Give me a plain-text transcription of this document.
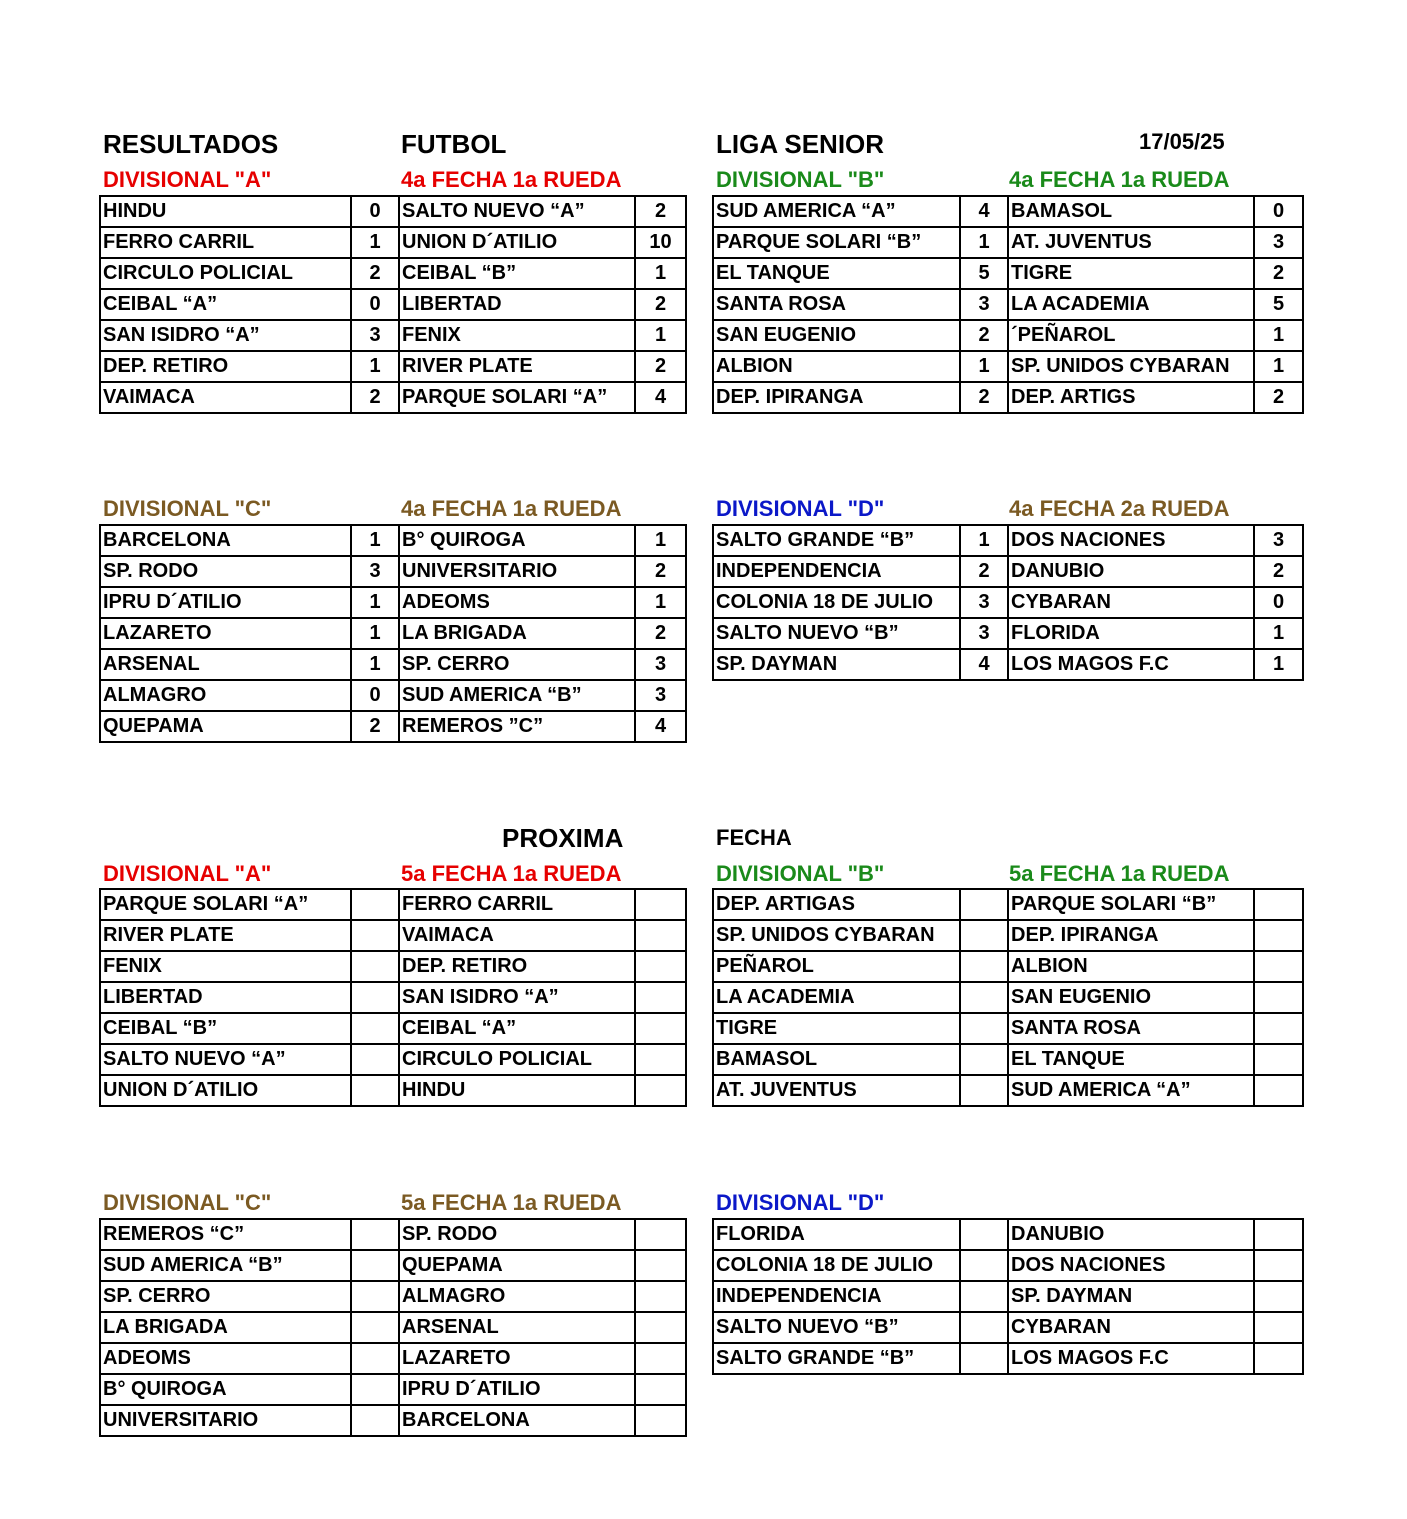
RESULTADOS	FUTBOL	LIGA SENIOR	17/05/25
DIVISIONAL "A"	4a FECHA 1a RUEDA
HINDU	0	SALTO NUEVO “A”	2
FERRO CARRIL	1	UNION D´ATILIO	10
CIRCULO POLICIAL	2	CEIBAL “B”	1
CEIBAL “A”	0	LIBERTAD	2
SAN ISIDRO “A”	3	FENIX	1
DEP. RETIRO	1	RIVER PLATE	2
VAIMACA	2	PARQUE SOLARI “A”	4
DIVISIONAL "B"	4a FECHA 1a RUEDA
SUD AMERICA “A”	4	BAMASOL	0
PARQUE SOLARI “B”	1	AT. JUVENTUS	3
EL TANQUE	5	TIGRE	2
SANTA ROSA	3	LA ACADEMIA	5
SAN EUGENIO	2	´PEÑAROL	1
ALBION	1	SP. UNIDOS CYBARAN	1
DEP. IPIRANGA	2	DEP. ARTIGS	2
DIVISIONAL "C"	4a FECHA 1a RUEDA
BARCELONA	1	B° QUIROGA	1
SP. RODO	3	UNIVERSITARIO	2
IPRU D´ATILIO	1	ADEOMS	1
LAZARETO	1	LA BRIGADA	2
ARSENAL	1	SP. CERRO	3
ALMAGRO	0	SUD AMERICA “B”	3
QUEPAMA	2	REMEROS ”C”	4
DIVISIONAL "D"	4a FECHA 2a RUEDA
SALTO GRANDE “B”	1	DOS NACIONES	3
INDEPENDENCIA	2	DANUBIO	2
COLONIA 18 DE JULIO	3	CYBARAN	0
SALTO NUEVO “B”	3	FLORIDA	1
SP. DAYMAN	4	LOS MAGOS F.C	1
PROXIMA	FECHA
DIVISIONAL "A"	5a FECHA 1a RUEDA
PARQUE SOLARI “A”		FERRO CARRIL	
RIVER PLATE		VAIMACA	
FENIX		DEP. RETIRO	
LIBERTAD		SAN ISIDRO “A”	
CEIBAL “B”		CEIBAL “A”	
SALTO NUEVO “A”		CIRCULO POLICIAL	
UNION D´ATILIO		HINDU	
DIVISIONAL "B"	5a FECHA 1a RUEDA
DEP. ARTIGAS		PARQUE SOLARI “B”	
SP. UNIDOS CYBARAN		DEP. IPIRANGA	
PEÑAROL		ALBION	
LA ACADEMIA		SAN EUGENIO	
TIGRE		SANTA ROSA	
BAMASOL		EL TANQUE	
AT. JUVENTUS		SUD AMERICA “A”	
DIVISIONAL "C"	5a FECHA 1a RUEDA
REMEROS “C”		SP. RODO	
SUD AMERICA “B”		QUEPAMA	
SP. CERRO		ALMAGRO	
LA BRIGADA		ARSENAL	
ADEOMS		LAZARETO	
B° QUIROGA		IPRU D´ATILIO	
UNIVERSITARIO		BARCELONA	
DIVISIONAL "D"
FLORIDA		DANUBIO	
COLONIA 18 DE JULIO		DOS NACIONES	
INDEPENDENCIA		SP. DAYMAN	
SALTO NUEVO “B”		CYBARAN	
SALTO GRANDE “B”		LOS MAGOS F.C	
